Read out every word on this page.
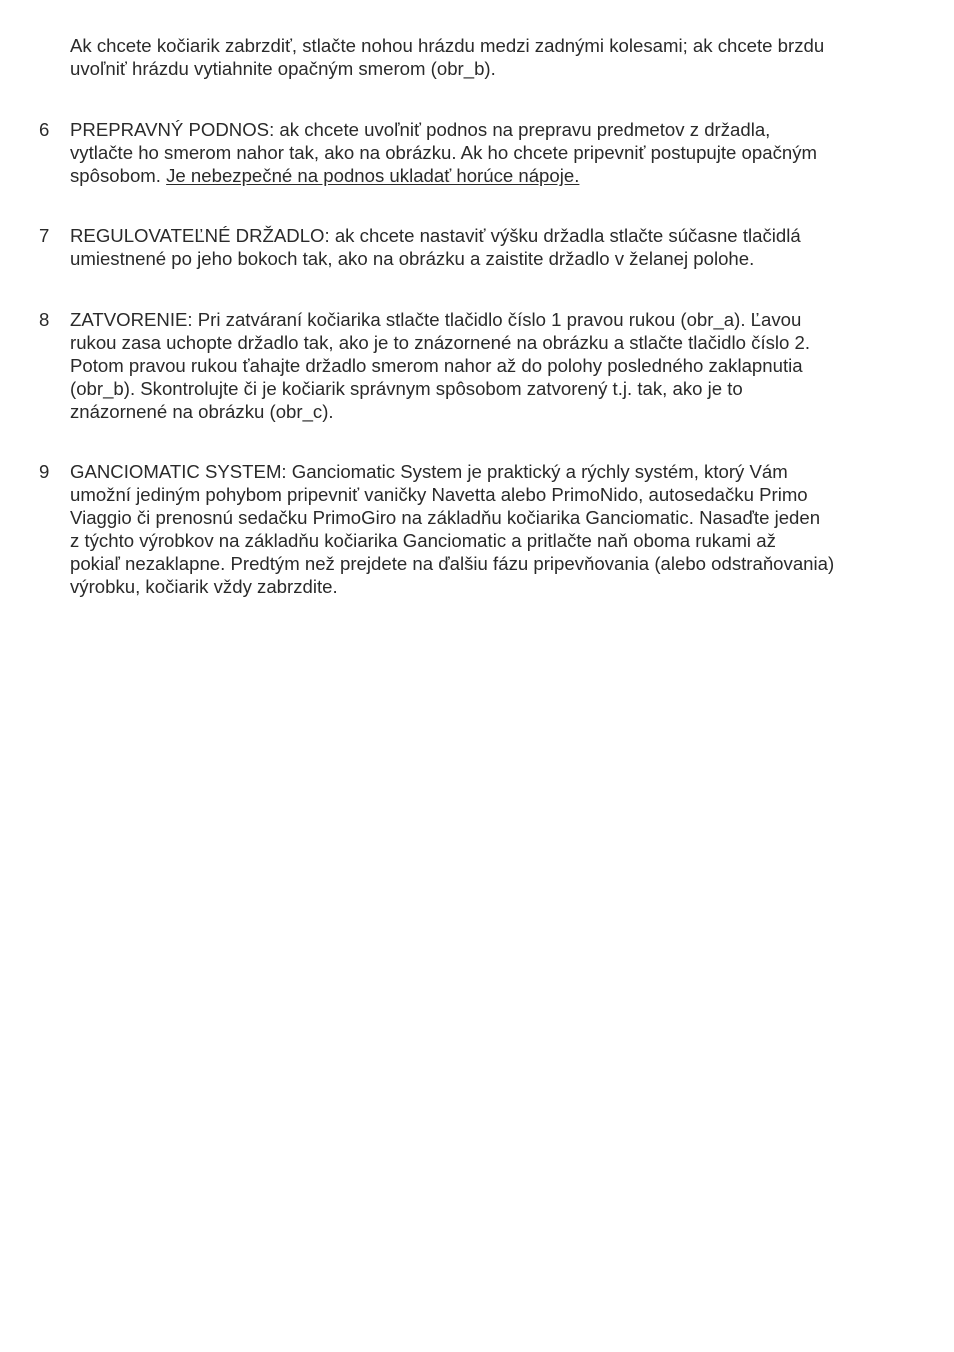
Ak chcete kočiarik zabrzdiť, stlačte nohou hrázdu medzi zadnými kolesami; ak chcete brzdu
uvoľniť hrázdu vytiahnite opačným smerom (obr_b).
6 PREPRAVNÝ PODNOS: ak chcete uvoľniť podnos na prepravu predmetov z držadla,
vytlačte ho smerom nahor tak, ako na obrázku. Ak ho chcete pripevniť postupujte opačným
spôsobom. Je nebezpečné na podnos ukladať horúce nápoje.
7 REGULOVATEĽNÉ DRŽADLO: ak chcete nastaviť výšku držadla stlačte súčasne tlačidlá
umiestnené po jeho bokoch tak, ako na obrázku a zaistite držadlo v želanej polohe.
8 ZATVORENIE: Pri zatváraní kočiarika stlačte tlačidlo číslo 1 pravou rukou (obr_a). Ľavou
rukou zasa uchopte držadlo tak, ako je to znázornené na obrázku a stlačte tlačidlo číslo 2.
Potom pravou rukou ťahajte držadlo smerom nahor až do polohy posledného zaklapnutia
(obr_b). Skontrolujte či je kočiarik správnym spôsobom zatvorený t.j. tak, ako je to
znázornené na obrázku (obr_c).
9 GANCIOMATIC SYSTEM: Ganciomatic System je praktický a rýchly systém, ktorý Vám
umožní jediným pohybom pripevniť vaničky Navetta alebo PrimoNido, autosedačku Primo
Viaggio či prenosnú sedačku PrimoGiro na základňu kočiarika Ganciomatic. Nasaďte jeden
z týchto výrobkov na základňu kočiarika Ganciomatic a pritlačte naň oboma rukami až
pokiaľ nezaklapne. Predtým než prejdete na ďalšiu fázu pripevňovania (alebo odstraňovania)
výrobku, kočiarik vždy zabrzdite.
